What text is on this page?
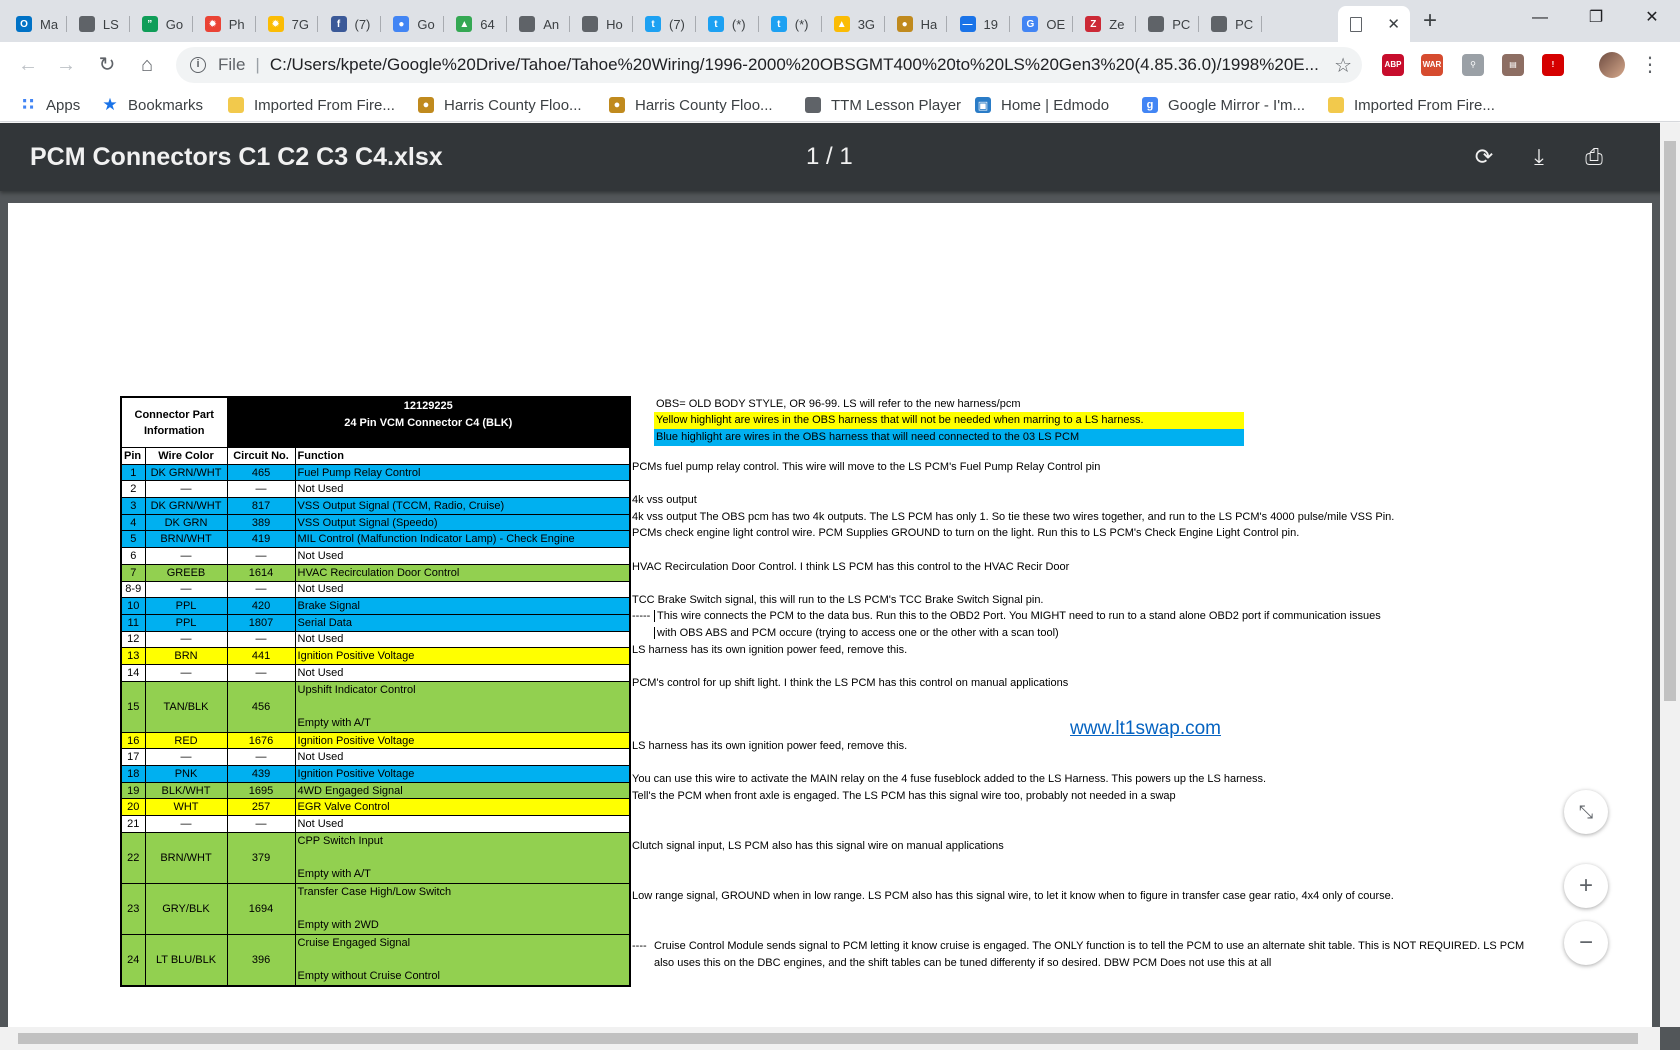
O Ma	LS	”	Go	✹ Ph	✹ 7G	f	(7)	● Go	▲ 64	An	Ho	t	(7)	t	(*)	t	(*)	▲ 3G	● Ha	— 19	G OE	Z Ze	PC	PC	✕ +	—	❐	✕
← →	↻	⌂	i	File | C:/Users/kpete/Google%20Drive/Tahoe/Tahoe%20Wiring/1996-2000%20OBSGMT400%20to%20LS%20Gen3%20(4.85.36.0)/1998%20E... ☆	ABP	WAR	⚲	▤	!	⋮
∷ Apps ★ Bookmarks	Imported From Fire...	● Harris County Floo...	● Harris County Floo...	TTM Lesson Player ▣ Home | Edmodo	g Google Mirror - I'm...	Imported From Fire...
PCM Connectors C1 C2 C3 C4.xlsx	1 / 1	⟳	⤓	⎙
Connector Part Information		12129225	
		24 Pin VCM Connector C4 (BLK)	

Pin	Wire Color	Circuit No.	Function
1	DK GRN/WHT	465	Fuel Pump Relay Control
2	—	—	Not Used
3	DK GRN/WHT	817	VSS Output Signal (TCCM, Radio, Cruise)
4	DK GRN	389	VSS Output Signal (Speedo)
5	BRN/WHT	419	MIL Control (Malfunction Indicator Lamp) - Check Engine
6	—	—	Not Used
7	GREEB	1614	HVAC Recirculation Door Control
8-9	—	—	Not Used
10	PPL	420	Brake Signal
11	PPL	1807	Serial Data
12	—	—	Not Used
13	BRN	441	Ignition Positive Voltage
14	—	—	Not Used
15	TAN/BLK	456	Upshift Indicator Control
Empty with A/T

16	RED	1676	Ignition Positive Voltage
17	—	—	Not Used
18	PNK	439	Ignition Positive Voltage
19	BLK/WHT	1695	4WD Engaged Signal
20	WHT	257	EGR Valve Control
21	—	—	Not Used
22	BRN/WHT	379	CPP Switch Input
Empty with A/T

23	GRY/BLK	1694	Transfer Case High/Low Switch
Empty with 2WD

24	LT BLU/BLK	396	Cruise Engaged Signal
Empty without Cruise Control
OBS= OLD BODY STYLE, OR 96-99. LS will refer to the new harness/pcm
Yellow highlight are wires in the OBS harness that will not be needed when marring to a LS harness.
Blue highlight are wires in the OBS harness that will need connected to the 03 LS PCM
PCMs fuel pump relay control. This wire will move to the LS PCM's Fuel Pump Relay Control pin
4k vss output
4k vss output The OBS pcm has two 4k outputs. The LS PCM has only 1. So tie these two wires together, and run to the LS PCM's 4000 pulse/mile VSS Pin.
PCMs check engine light control wire. PCM Supplies GROUND to turn on the light. Run this to LS PCM's Check Engine Light Control pin.
HVAC Recirculation Door Control. I think LS PCM has this control to the HVAC Recir Door
TCC Brake Switch signal, this will run to the LS PCM's TCC Brake Switch Signal pin.
----- This wire connects the PCM to the data bus. Run this to the OBD2 Port. You MIGHT need to run to a stand alone OBD2 port if communication issues
with OBS ABS and PCM occure (trying to access one or the other with a scan tool)
LS harness has its own ignition power feed, remove this.
PCM's control for up shift light. I think the LS PCM has this control on manual applications
LS harness has its own ignition power feed, remove this.
You can use this wire to activate the MAIN relay on the 4 fuse fuseblock added to the LS Harness. This powers up the LS harness.
Tell's the PCM when front axle is engaged. The LS PCM has this signal wire too, probably not needed in a swap
Clutch signal input, LS PCM also has this signal wire on manual applications
Low range signal, GROUND when in low range. LS PCM also has this signal wire, to let it know when to figure in transfer case gear ratio, 4x4 only of course.
---- Cruise Control Module sends signal to PCM letting it know cruise is engaged. The ONLY function is to tell the PCM to use an alternate shit table. This is NOT REQUIRED. LS PCM
also uses this on the DBC engines, and the shift tables can be tuned differenty if so desired. DBW PCM Does not use this at all
www.lt1swap.com
⤡
+
−
